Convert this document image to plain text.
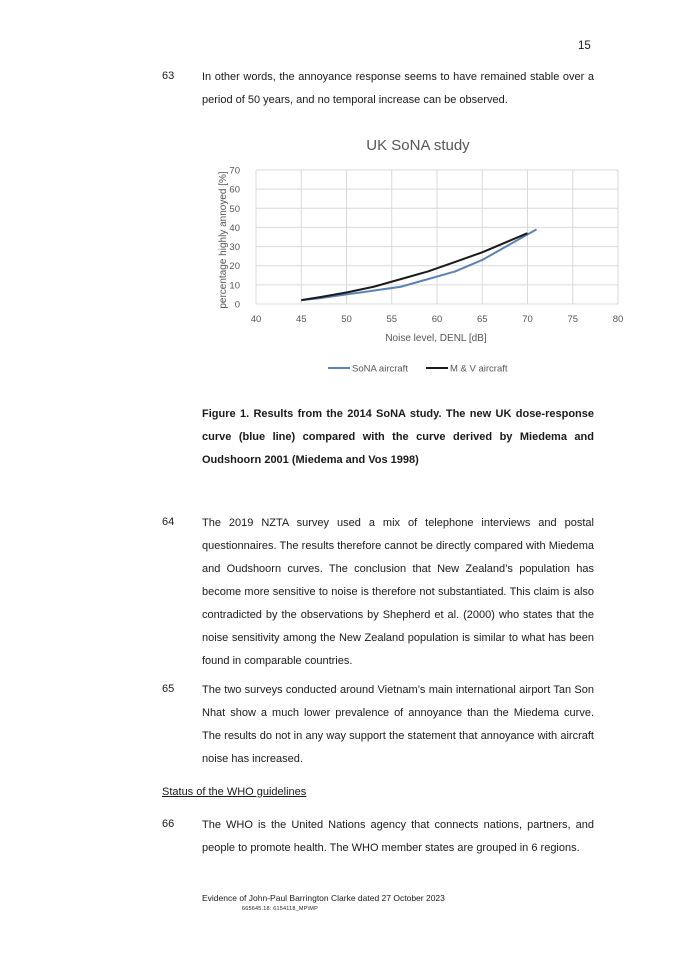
15
63	In other words, the annoyance response seems to have remained stable over a period of 50 years, and no temporal increase can be observed.

UK SoNA study
0
10
20
30
40
50
60
70
40	45	50	55	60	65	70	75	80
percentage highly annoyed [%]
Noise level, DENL [dB]
SoNA aircraft	M & V aircraft

Figure 1. Results from the 2014 SoNA study. The new UK dose-response curve (blue line) compared with the curve derived by Miedema and Oudshoorn 2001 (Miedema and Vos 1998)

64	The 2019 NZTA survey used a mix of telephone interviews and postal questionnaires. The results therefore cannot be directly compared with Miedema and Oudshoorn curves. The conclusion that New Zealand’s population has become more sensitive to noise is therefore not substantiated. This claim is also contradicted by the observations by Shepherd et al. (2000) who states that the noise sensitivity among the New Zealand population is similar to what has been found in comparable countries.

65	The two surveys conducted around Vietnam’s main international airport Tan Son Nhat show a much lower prevalence of annoyance than the Miedema curve. The results do not in any way support the statement that annoyance with aircraft noise has increased.

Status of the WHO guidelines
66	The WHO is the United Nations agency that connects nations, partners, and people to promote health. The WHO member states are grouped in 6 regions.

Evidence of John-Paul Barrington Clarke dated 27 October 2023
665645.18: 6154118_MP\MP
